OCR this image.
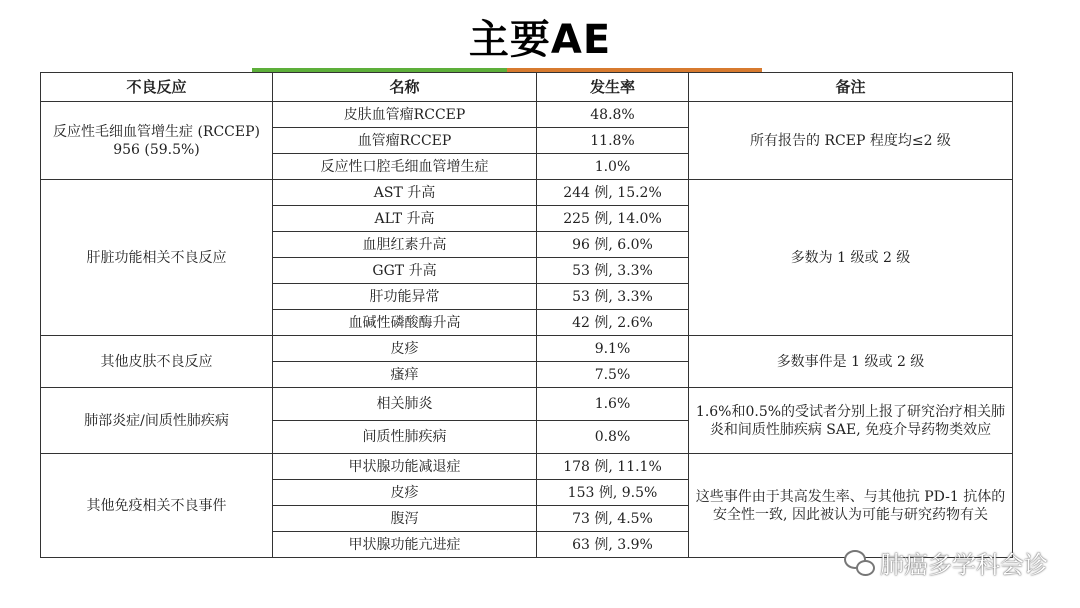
主要AE
不良反应	名称	发生率	备注
反应性毛细血管增生症 (RCCEP) 956 (59.5%)	皮肤血管瘤RCCEP	48.8%	所有报告的 RCEP 程度均≤2 级
	血管瘤RCCEP	11.8%	
	反应性口腔毛细血管增生症	1.0%	
肝脏功能相关不良反应	AST 升高	244 例, 15.2%	多数为 1 级或 2 级
	ALT 升高	225 例, 14.0%	
	血胆红素升高	96 例, 6.0%	
	GGT 升高	53 例, 3.3%	
	肝功能异常	53 例, 3.3%	
	血碱性磷酸酶升高	42 例, 2.6%	
其他皮肤不良反应	皮疹	9.1%	多数事件是 1 级或 2 级
	瘙痒	7.5%	
肺部炎症/间质性肺疾病	相关肺炎	1.6%	1.6%和0.5%的受试者分别上报了研究治疗相关肺炎和间质性肺疾病 SAE, 免疫介导药物类效应
	间质性肺疾病	0.8%	
其他免疫相关不良事件	甲状腺功能减退症	178 例, 11.1%	这些事件由于其高发生率、与其他抗 PD-1 抗体的安全性一致, 因此被认为可能与研究药物有关
	皮疹	153 例, 9.5%	
	腹泻	73 例, 4.5%	
	甲状腺功能亢进症	63 例, 3.9%	
肺癌多学科会诊
